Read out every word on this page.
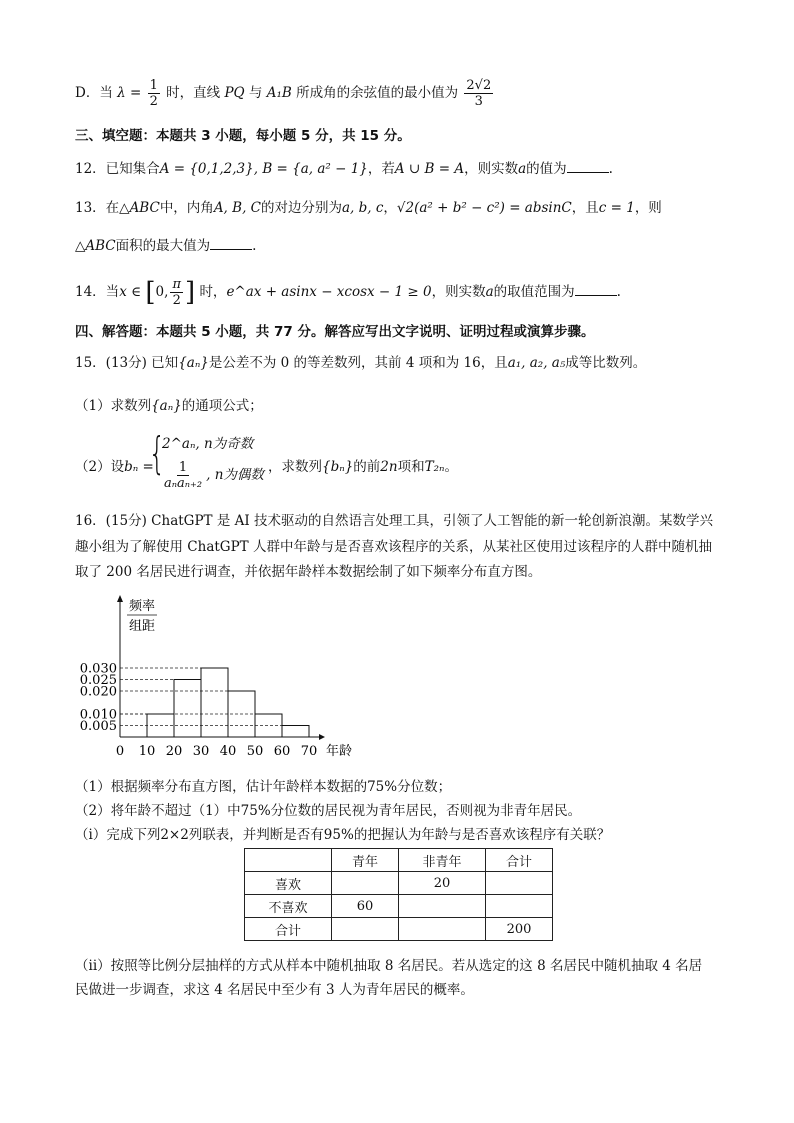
D．当 $\lambda = \frac{1}{2}$ 时，直线 PQ 与 A₁B 所成角的余弦值的最小值为 $\frac{2√2}{3}$
三、填空题：本题共 3 小题，每小题 5 分，共 15 分。
12．已知集合A = {0,1,2,3}, B = {a, a² − 1}，若A ∪ B = A，则实数a的值为	.
13．在△ABC中，内角A, B, C的对边分别为a, b, c，√2(a² + b² − c²) = absinC，且c = 1，则
△ABC面积的最大值为	.
14．当x ∈ [0, $\frac{\pi}{2}$ ] 时，e^ax + asinx − xcosx − 1 ≥ 0，则实数a的取值范围为	.
四、解答题：本题共 5 小题，共 77 分。解答应写出文字说明、证明过程或演算步骤。
15．(13分) 已知{aₙ}是公差不为 0 的等差数列，其前 4 项和为 16，且a₁, a₂, a₅成等比数列。
（1）求数列{aₙ}的通项公式；
（2）设bₙ =
{
2^aₙ, n为奇数
$\frac{1}{\text{aₙaₙ₊₂}}$ , n为偶数 ，求数列{bₙ}的前2n项和T₂ₙ。
16．(15分) ChatGPT 是 AI 技术驱动的自然语言处理工具，引领了人工智能的新一轮创新浪潮。某数学兴
趣小组为了解使用 ChatGPT 人群中年龄与是否喜欢该程序的关系，从某社区使用过该程序的人群中随机抽
取了 200 名居民进行调查，并依据年龄样本数据绘制了如下频率分布直方图。
0.030
0.025
0.020
0.010
0.005
0 10 20 30 40 50 60 70 年龄
频率
组距
（1）根据频率分布直方图，估计年龄样本数据的75%分位数；
（2）将年龄不超过（1）中75%分位数的居民视为青年居民，否则视为非青年居民。
（i）完成下列2×2列联表，并判断是否有95%的把握认为年龄与是否喜欢该程序有关联？
	青年	非青年	合计
喜欢		20	
不喜欢	60		
合计			200
（ii）按照等比例分层抽样的方式从样本中随机抽取 8 名居民。若从选定的这 8 名居民中随机抽取 4 名居
民做进一步调查，求这 4 名居民中至少有 3 人为青年居民的概率。
